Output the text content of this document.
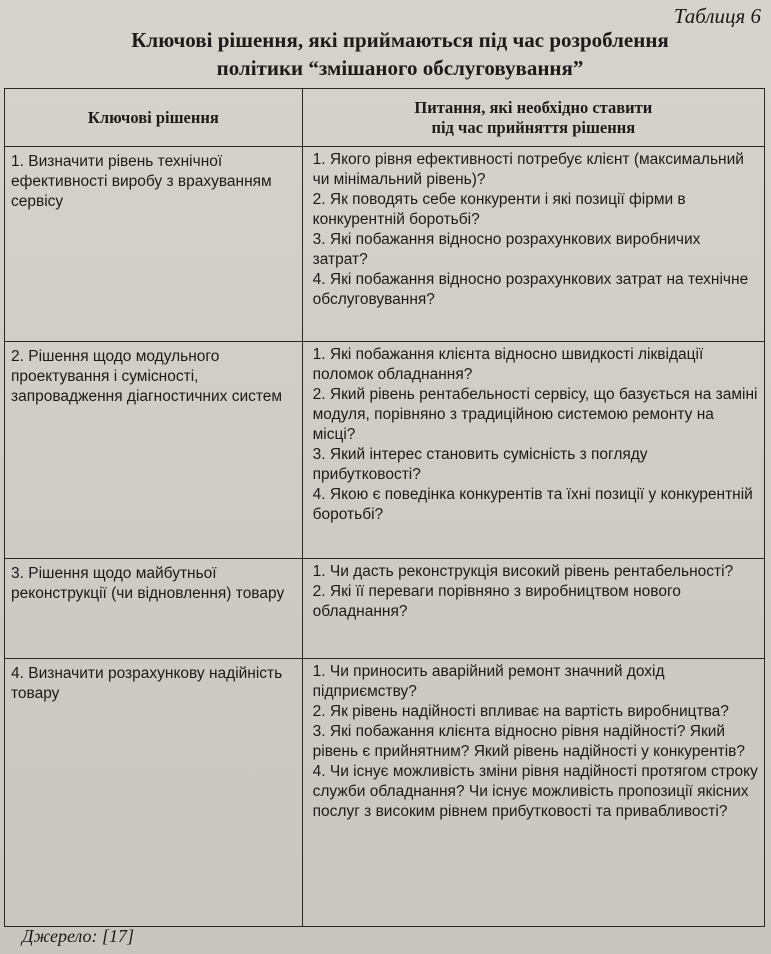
Таблиця 6
Ключові рішення, які приймаються під час розроблення
політики “змішаного обслуговування”
Ключові рішення	Питання, які необхідно ставити
під час прийняття рішення

1. Визначити рівень технічної ефективності виробу з врахуванням сервісу	1. Якого рівня ефективності потребує клієнт (максимальний чи мінімальний рівень)?

2. Як поводять себе конкуренти і які позиції фірми в конкурентній боротьбі?

3. Які побажання відносно розрахункових виробничих затрат?

4. Які побажання відносно розрахункових затрат на технічне обслуговування?

2. Рішення щодо модульного проектування і сумісності, запровадження діагностичних систем	1. Які побажання клієнта відносно швидкості ліквідації поломок обладнання?

2. Який рівень рентабельності сервісу, що базується на заміні модуля, порівняно з традиційною системою ремонту на місці?

3. Який інтерес становить сумісність з погляду прибутковості?

4. Якою є поведінка конкурентів та їхні позиції у конкурентній боротьбі?

3. Рішення щодо майбутньої реконструкції (чи відновлення) товару	1. Чи дасть реконструкція високий рівень рентабельності?

2. Які її переваги порівняно з виробництвом нового обладнання?

4. Визначити розрахункову надійність товару	1. Чи приносить аварійний ремонт значний дохід підприємству?

2. Як рівень надійності впливає на вартість виробництва?

3. Які побажання клієнта відносно рівня надійності? Який рівень є прийнятним? Який рівень надійності у конкурентів?

4. Чи існує можливість зміни рівня надійності протягом строку служби обладнання? Чи існує можливість пропозиції якісних послуг з високим рівнем прибутковості та привабливості?

Джерело: [17]
